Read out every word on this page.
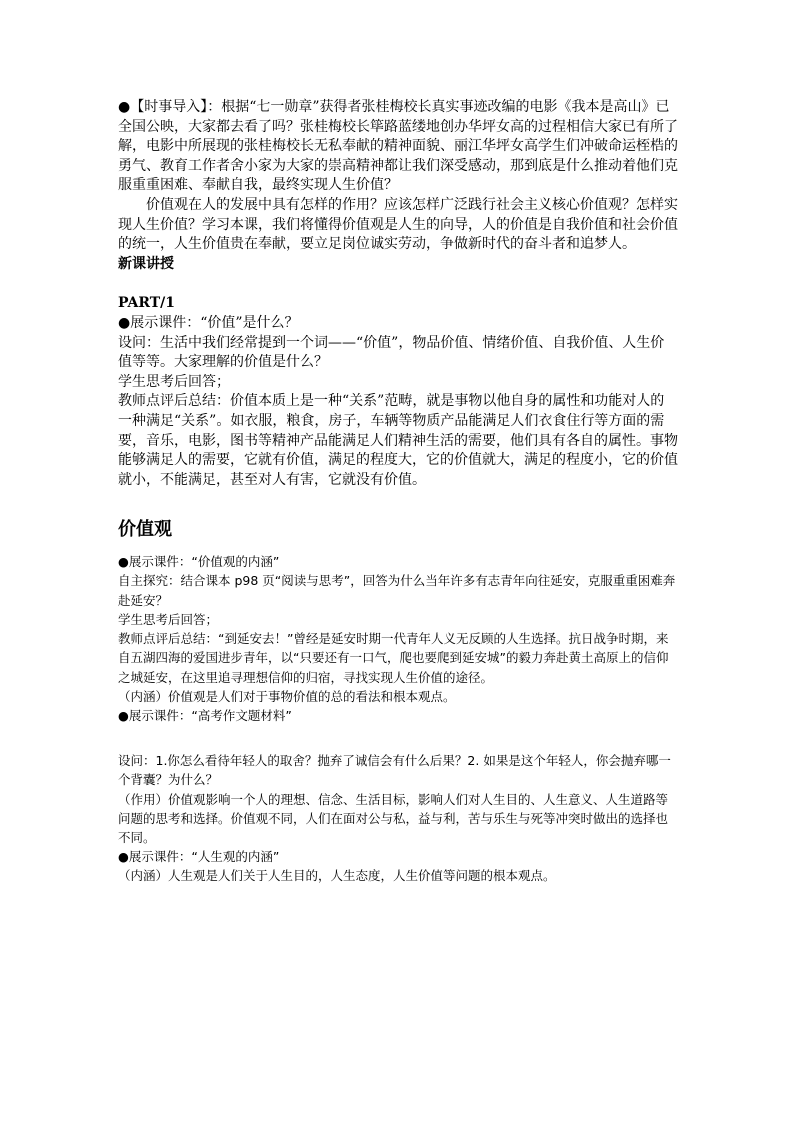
●【时事导入】：根据“七一勋章”获得者张桂梅校长真实事迹改编的电影《我本是高山》已全国公映，大家都去看了吗？张桂梅校长筚路蓝缕地创办华坪女高的过程相信大家已有所了解，电影中所展现的张桂梅校长无私奉献的精神面貌、丽江华坪女高学生们冲破命运桎梏的勇气、教育工作者舍小家为大家的崇高精神都让我们深受感动，那到底是什么推动着他们克服重重困难、奉献自我，最终实现人生价值？

价值观在人的发展中具有怎样的作用？应该怎样广泛践行社会主义核心价值观？怎样实现人生价值？学习本课，我们将懂得价值观是人生的向导，人的价值是自我价值和社会价值的统一，人生价值贵在奉献，要立足岗位诚实劳动，争做新时代的奋斗者和追梦人。

新课讲授

PART/1

●展示课件：“价值”是什么？

设问：生活中我们经常提到一个词——“价值”，物品价值、情绪价值、自我价值、人生价值等等。大家理解的价值是什么？

学生思考后回答；

教师点评后总结：价值本质上是一种“关系”范畴，就是事物以他自身的属性和功能对人的一种满足“关系”。如衣服，粮食，房子，车辆等物质产品能满足人们衣食住行等方面的需要，音乐，电影，图书等精神产品能满足人们精神生活的需要，他们具有各自的属性。事物能够满足人的需要，它就有价值，满足的程度大，它的价值就大，满足的程度小，它的价值就小，不能满足，甚至对人有害，它就没有价值。

价值观

●展示课件：“价值观的内涵”

自主探究：结合课本 p98 页“阅读与思考”，回答为什么当年许多有志青年向往延安，克服重重困难奔赴延安？

学生思考后回答；

教师点评后总结：“到延安去！”曾经是延安时期一代青年人义无反顾的人生选择。抗日战争时期，来自五湖四海的爱国进步青年，以“只要还有一口气，爬也要爬到延安城”的毅力奔赴黄土高原上的信仰之城延安，在这里追寻理想信仰的归宿，寻找实现人生价值的途径。

（内涵）价值观是人们对于事物价值的总的看法和根本观点。

●展示课件：“高考作文题材料”

设问：1.你怎么看待年轻人的取舍？抛弃了诚信会有什么后果？2. 如果是这个年轻人，你会抛弃哪一个背囊？为什么？

（作用）价值观影响一个人的理想、信念、生活目标，影响人们对人生目的、人生意义、人生道路等问题的思考和选择。价值观不同，人们在面对公与私，益与利，苦与乐生与死等冲突时做出的选择也不同。

●展示课件：“人生观的内涵”

（内涵）人生观是人们关于人生目的，人生态度，人生价值等问题的根本观点。
